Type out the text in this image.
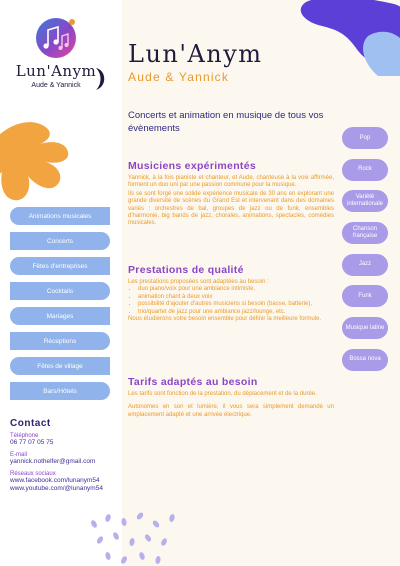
Lun'Anym
Aude & Yannick
Animations musicales
Concerts
Fêtes d'entreprises
Cocktails
Mariages
Réceptions
Fêtes de village
Bars/Hôtels
Contact
Téléphone
06 77 07 05 75
E-mail
yannick.nothelfer@gmail.com
Réseaux sociaux
www.facebook.com/lunanym54
www.youtube.com/@lunanym54
Lun'Anym
Aude & Yannick
Concerts et animation en musique de tous vos évènements
Musiciens expérimentés

Yannick, à la fois pianiste et chanteur, et Aude, chanteuse à la voix affirmée, forment un duo uni par une passion commune pour la musique.

Ils se sont forgé une solide expérience musicale de 30 ans en explorant une grande diversité de scènes du Grand Est et intervenant dans des domaines variés : orchestres de bal, groupes de jazz ou de funk, ensembles d'harmonie, big bands de jazz, chorales, animations, spectacles, comédies musicales.

Prestations de qualité

Les prestations proposées sont adaptées au besoin :

• duo piano/voix pour une ambiance intimiste,
• animation chant à deux voix
• possibilité d'ajouter d'autres musiciens si besoin (basse, batterie),
• trio/quartet de jazz pour une ambiance jazz/lounge, etc.

Nous étudierons votre besoin ensemble pour définir la meilleure formule.

Tarifs adaptés au besoin

Les tarifs sont fonction de la prestation, du déplacement et de la durée.

Autonomes en son et lumière, il vous sera simplement demandé un emplacement adapté et une arrivée électrique.

Pop
Rock
Variété internationale
Chanson française
Jazz
Funk
Musique latine
Bossa nova
